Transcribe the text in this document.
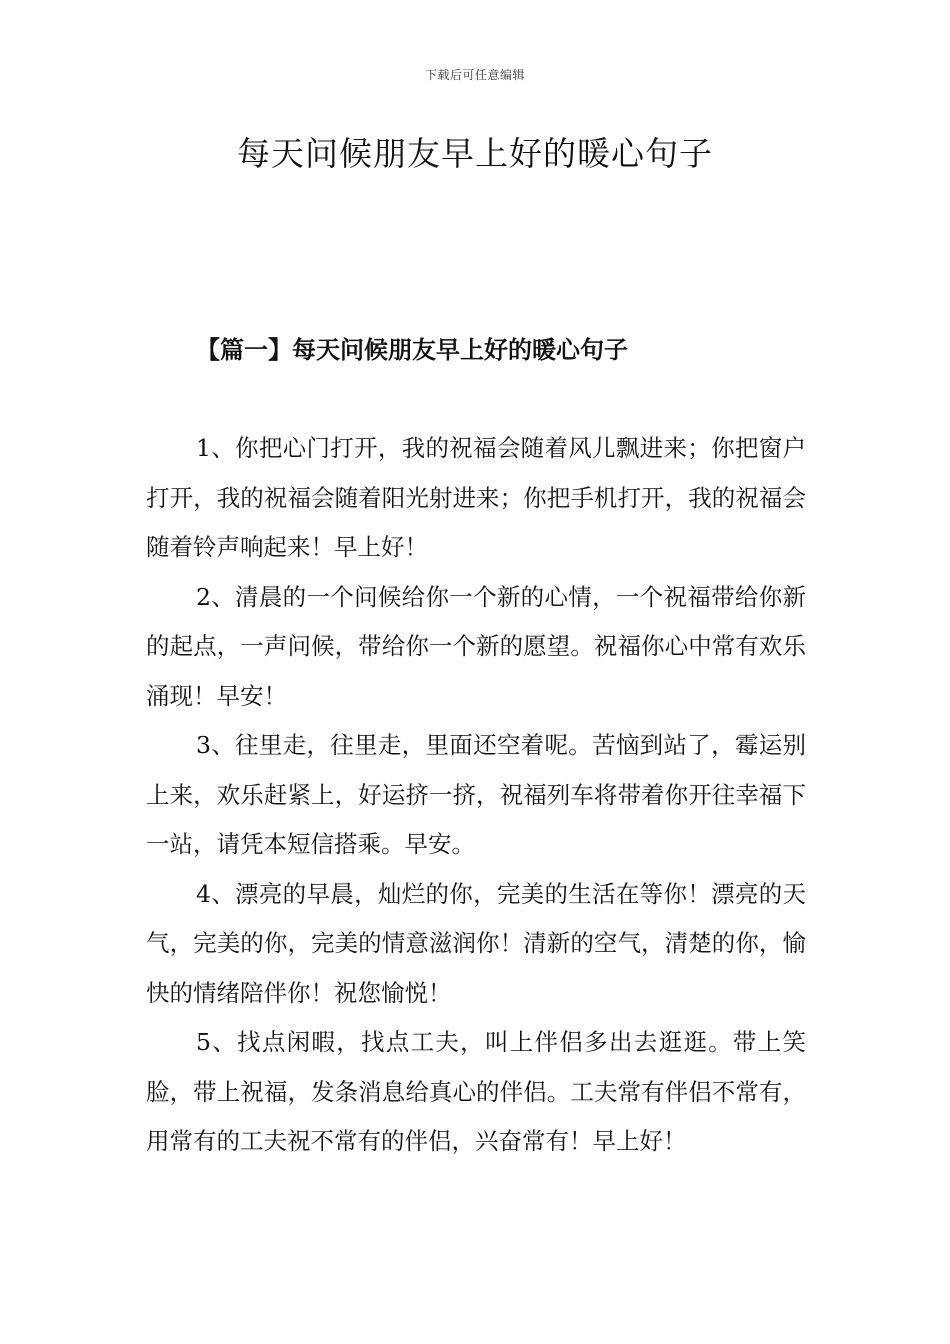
下载后可任意编辑
每天问候朋友早上好的暖心句子
【篇一】每天问候朋友早上好的暖心句子

1、你把心门打开，我的祝福会随着风儿飘进来；你把窗户打开，我的祝福会随着阳光射进来；你把手机打开，我的祝福会随着铃声响起来！早上好！

2、清晨的一个问候给你一个新的心情，一个祝福带给你新的起点，一声问候，带给你一个新的愿望。祝福你心中常有欢乐涌现！早安！

3、往里走，往里走，里面还空着呢。苦恼到站了，霉运别上来，欢乐赶紧上，好运挤一挤，祝福列车将带着你开往幸福下一站，请凭本短信搭乘。早安。

4、漂亮的早晨，灿烂的你，完美的生活在等你！漂亮的天气，完美的你，完美的情意滋润你！清新的空气，清楚的你，愉快的情绪陪伴你！祝您愉悦！

5、找点闲暇，找点工夫，叫上伴侣多出去逛逛。带上笑脸，带上祝福，发条消息给真心的伴侣。工夫常有伴侣不常有，用常有的工夫祝不常有的伴侣，兴奋常有！早上好！
